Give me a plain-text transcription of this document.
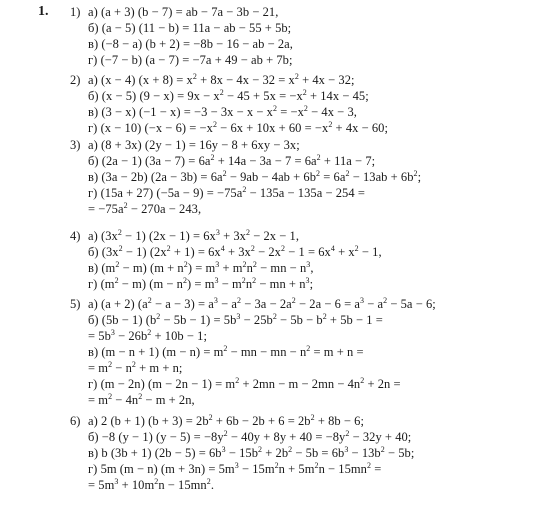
1. 1) а) (a + 3) (b − 7) = ab − 7a − 3b − 21,
б) (a − 5) (11 − b) = 11a − ab − 55 + 5b;
в) (−8 − a) (b + 2) = −8b − 16 − ab − 2a,
г) (−7 − b) (a − 7) = −7a + 49 − ab + 7b;
2) а) (x − 4) $(x + 8) = x^2 + 8x - 4x - 32 = x^2 + 4x - 32$;
б) (x − 5) $(9 - x) = 9x - x^2 - 45 + 5x = -x^2 + 14x - 45$;
в) (3 − x) $(-1 - x) = -3 - 3x - x - x^2 = -x^2 - 4x - 3$,
г) (x − 10) $(-x - 6) = -x^2 - 6x + 10x + 60 = -x^2 + 4x - 60$;
3) а) (8 + 3x) (2y − 1) = 16y − 8 + 6xy − 3x;
б) (2a − 1) $(3a - 7) = 6a^2 + 14a - 3a - 7 = 6a^2 + 11a - 7$;
в) (3a − 2b) $(2a - 3b) = 6a^2 - 9ab - 4ab + 6b^2 = 6a^2 - 13ab + 6b^2$;
г) (15a + 27) $(-5a - 9) = -75a^2 - 135a - 135a - 254$ =
= $-75a^2 - 270a - 243$,
4) а) $(3x^2 - 1) (2x - 1) = 6x^3 + 3x^2 - 2x - 1$,
б) $(3x^2 - 1) (2x^2 + 1) = 6x^4 + 3x^2 - 2x^2 - 1 = 6x^4 + x^2 - 1$,
в) $(m^2 - m) (m + n^2) = m^3 + m^2n^2$ − mn − $n^3$,
г) $(m^2 - m) (m - n^2) = m^3 - m^2n^2$ − mn + $n^3$;
5) а) (a + 2) $(a^2 - a - 3) = a^3 - a^2 - 3a - 2a^2 - 2a - 6 = a^3 - a^2 - 5a - 6$;
б) (5b − 1) $(b^2 - 5b - 1) = 5b^3 - 25b^2 - 5b - b^2 + 5b - 1$ =
= $5b^3 - 26b^2 + 10b - 1$;
в) (m − n + 1) $(m - n) = m^2$ − mn − mn − $n^2 = m + n$ =
= $m^2 - n^2 + m + n$;
г) (m − 2n) $(m - 2n - 1) = m^2 + 2mn - m - 2mn - 4n^2 + 2n$ =
= $m^2 - 4n^2 - m + 2n$,
6) а) 2 (b + 1) $(b + 3) = 2b^2 + 6b - 2b + 6 = 2b^2 + 8b - 6$;
б) −8 (y − 1) $(y - 5) = -8y^2 - 40y + 8y + 40 = -8y^2 - 32y + 40$;
в) b (3b + 1) $(2b - 5) = 6b^3 - 15b^2 + 2b^2 - 5b = 6b^3 - 13b^2 - 5b$;
г) 5m (m − n) $(m + 3n) = 5m^3 - 15m^2n + 5m^2n - 15mn^2$ =
= $5m^3 + 10m^2n - 15mn^2$.
